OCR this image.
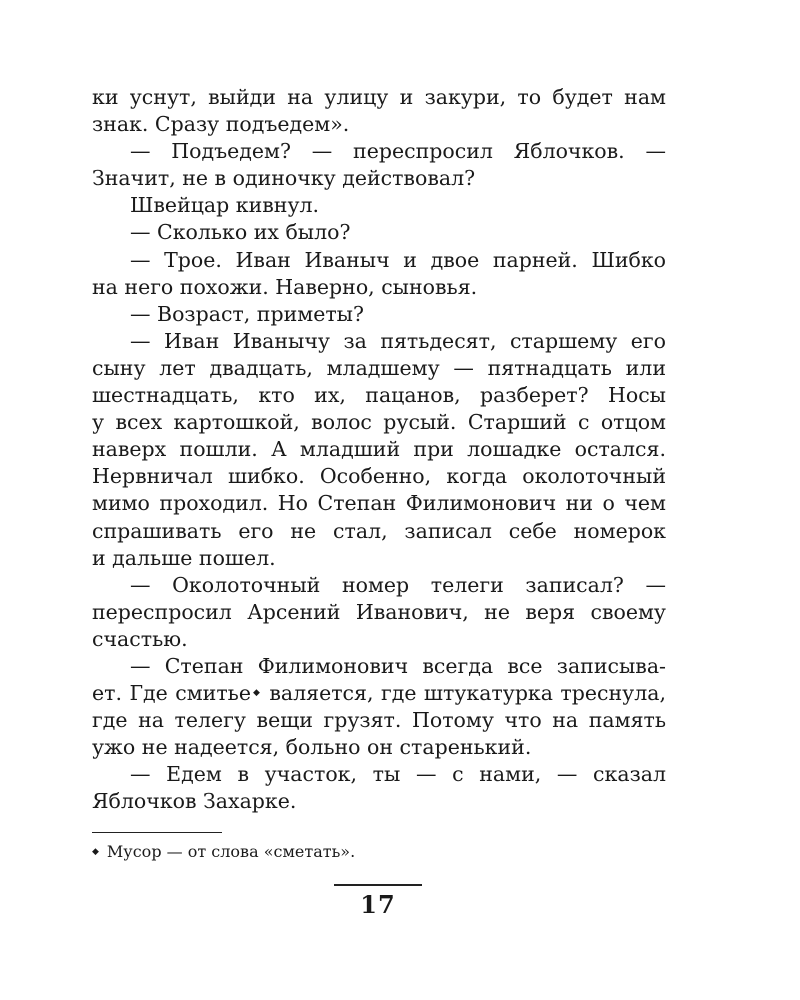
ки уснут, выйди на улицу и закури, то будет нам
знак. Сразу подъедем».
— Подъедем? — переспросил Яблочков. —
Значит, не в одиночку действовал?
Швейцар кивнул.
— Сколько их было?
— Трое. Иван Иваныч и двое парней. Шибко
на него похожи. Наверно, сыновья.
— Возраст, приметы?
— Иван Иванычу за пятьдесят, старшему его
сыну лет двадцать, младшему — пятнадцать или
шестнадцать, кто их, пацанов, разберет? Носы
у всех картошкой, волос русый. Старший с отцом
наверх пошли. А младший при лошадке остался.
Нервничал шибко. Особенно, когда околоточный
мимо проходил. Но Степан Филимонович ни о чем
спрашивать его не стал, записал себе номерок
и дальше пошел.
— Околоточный номер телеги записал? —
переспросил Арсений Иванович, не веря своему
счастью.
— Степан Филимонович всегда все записыва-
ет. Где смитье ◆ валяется, где штукатурка треснула,
где на телегу вещи грузят. Потому что на память
ужо не надеется, больно он старенький.
— Едем в участок, ты — с нами, — сказал
Яблочков Захарке.
◆ Мусор — от слова «сметать».
17
